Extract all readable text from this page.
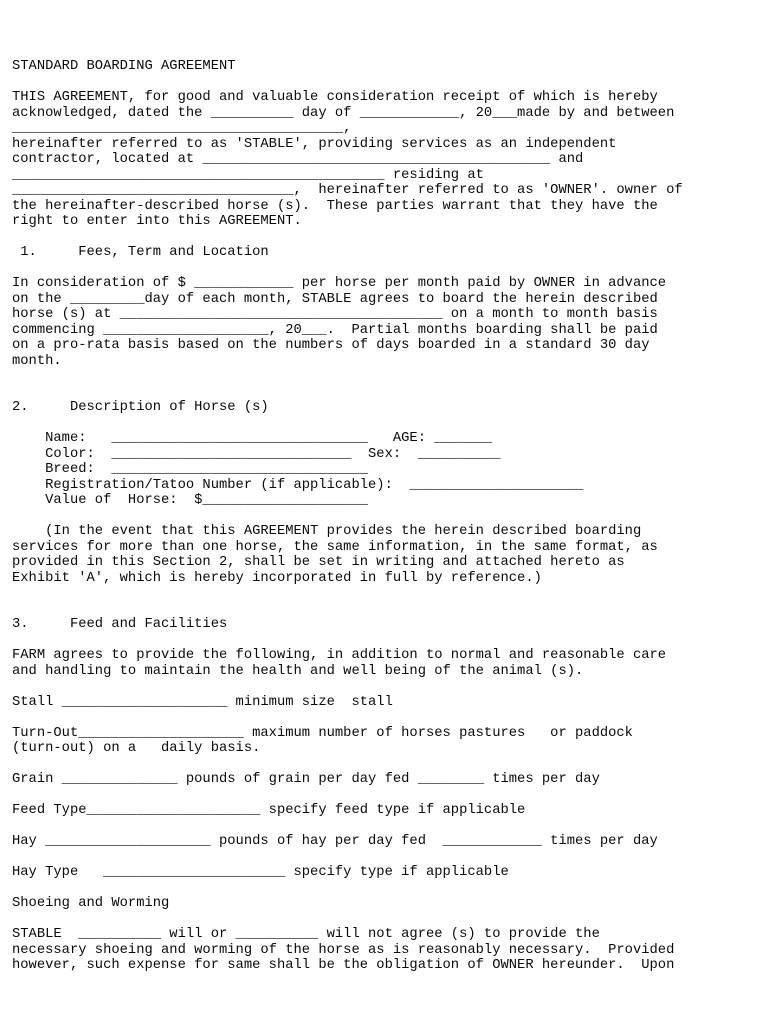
STANDARD BOARDING AGREEMENT
THIS AGREEMENT, for good and valuable consideration receipt of which is hereby
acknowledged, dated the __________ day of ____________, 20___made by and between
________________________________________,
hereinafter referred to as 'STABLE', providing services as an independent
contractor, located at __________________________________________ and
_____________________________________________ residing at
__________________________________,  hereinafter referred to as 'OWNER'. owner of
the hereinafter-described horse (s).  These parties warrant that they have the
right to enter into this AGREEMENT.
1.     Fees, Term and Location
In consideration of $ ____________ per horse per month paid by OWNER in advance
on the _________day of each month, STABLE agrees to board the herein described
horse (s) at _______________________________________ on a month to month basis
commencing ____________________, 20___.  Partial months boarding shall be paid
on a pro-rata basis based on the numbers of days boarded in a standard 30 day
month.
2.     Description of Horse (s)
Name:   _______________________________   AGE: _______
Color:  _____________________________  Sex:  __________
Breed:  _______________________________
Registration/Tatoo Number (if applicable):  _____________________
Value of  Horse:  $____________________
(In the event that this AGREEMENT provides the herein described boarding
services for more than one horse, the same information, in the same format, as
provided in this Section 2, shall be set in writing and attached hereto as
Exhibit 'A', which is hereby incorporated in full by reference.)
3.     Feed and Facilities
FARM agrees to provide the following, in addition to normal and reasonable care
and handling to maintain the health and well being of the animal (s).
Stall ____________________ minimum size  stall
Turn-Out____________________ maximum number of horses pastures   or paddock
(turn-out) on a   daily basis.
Grain ______________ pounds of grain per day fed ________ times per day
Feed Type_____________________ specify feed type if applicable
Hay ____________________ pounds of hay per day fed  ____________ times per day
Hay Type   ______________________ specify type if applicable
Shoeing and Worming
STABLE  __________ will or __________ will not agree (s) to provide the
necessary shoeing and worming of the horse as is reasonably necessary.  Provided
however, such expense for same shall be the obligation of OWNER hereunder.  Upon
